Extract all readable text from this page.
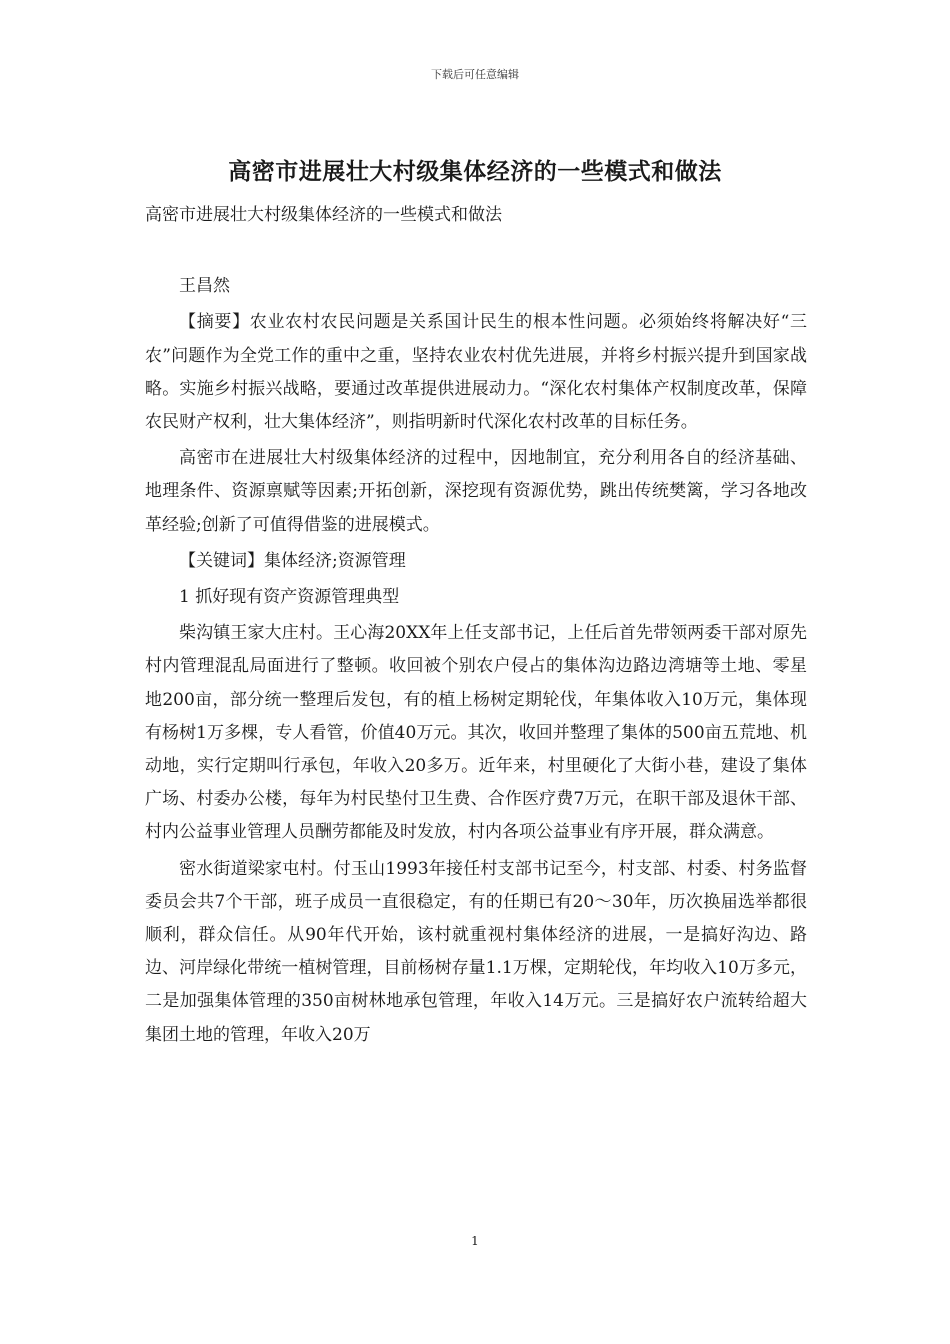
下载后可任意编辑
高密市进展壮大村级集体经济的一些模式和做法

高密市进展壮大村级集体经济的一些模式和做法

王昌然

【摘要】农业农村农民问题是关系国计民生的根本性问题。必须始终将解决好“三农”问题作为全党工作的重中之重，坚持农业农村优先进展，并将乡村振兴提升到国家战略。实施乡村振兴战略，要通过改革提供进展动力。“深化农村集体产权制度改革，保障农民财产权利，壮大集体经济”，则指明新时代深化农村改革的目标任务。

高密市在进展壮大村级集体经济的过程中，因地制宜，充分利用各自的经济基础、地理条件、资源禀赋等因素;开拓创新，深挖现有资源优势，跳出传统樊篱，学习各地改革经验;创新了可值得借鉴的进展模式。

【关键词】集体经济;资源管理

1 抓好现有资产资源管理典型

柴沟镇王家大庄村。王心海20XX年上任支部书记，上任后首先带领两委干部对原先村内管理混乱局面进行了整顿。收回被个别农户侵占的集体沟边路边湾塘等土地、零星地200亩，部分统一整理后发包，有的植上杨树定期轮伐，年集体收入10万元，集体现有杨树1万多棵，专人看管，价值40万元。其次，收回并整理了集体的500亩五荒地、机动地，实行定期叫行承包，年收入20多万。近年来，村里硬化了大街小巷，建设了集体广场、村委办公楼，每年为村民垫付卫生费、合作医疗费7万元，在职干部及退休干部、村内公益事业管理人员酬劳都能及时发放，村内各项公益事业有序开展，群众满意。

密水街道梁家屯村。付玉山1993年接任村支部书记至今，村支部、村委、村务监督委员会共7个干部，班子成员一直很稳定，有的任期已有20～30年，历次换届选举都很顺利，群众信任。从90年代开始，该村就重视村集体经济的进展，一是搞好沟边、路边、河岸绿化带统一植树管理，目前杨树存量1.1万棵，定期轮伐，年均收入10万多元，二是加强集体管理的350亩树林地承包管理，年收入14万元。三是搞好农户流转给超大集团土地的管理，年收入20万

1
